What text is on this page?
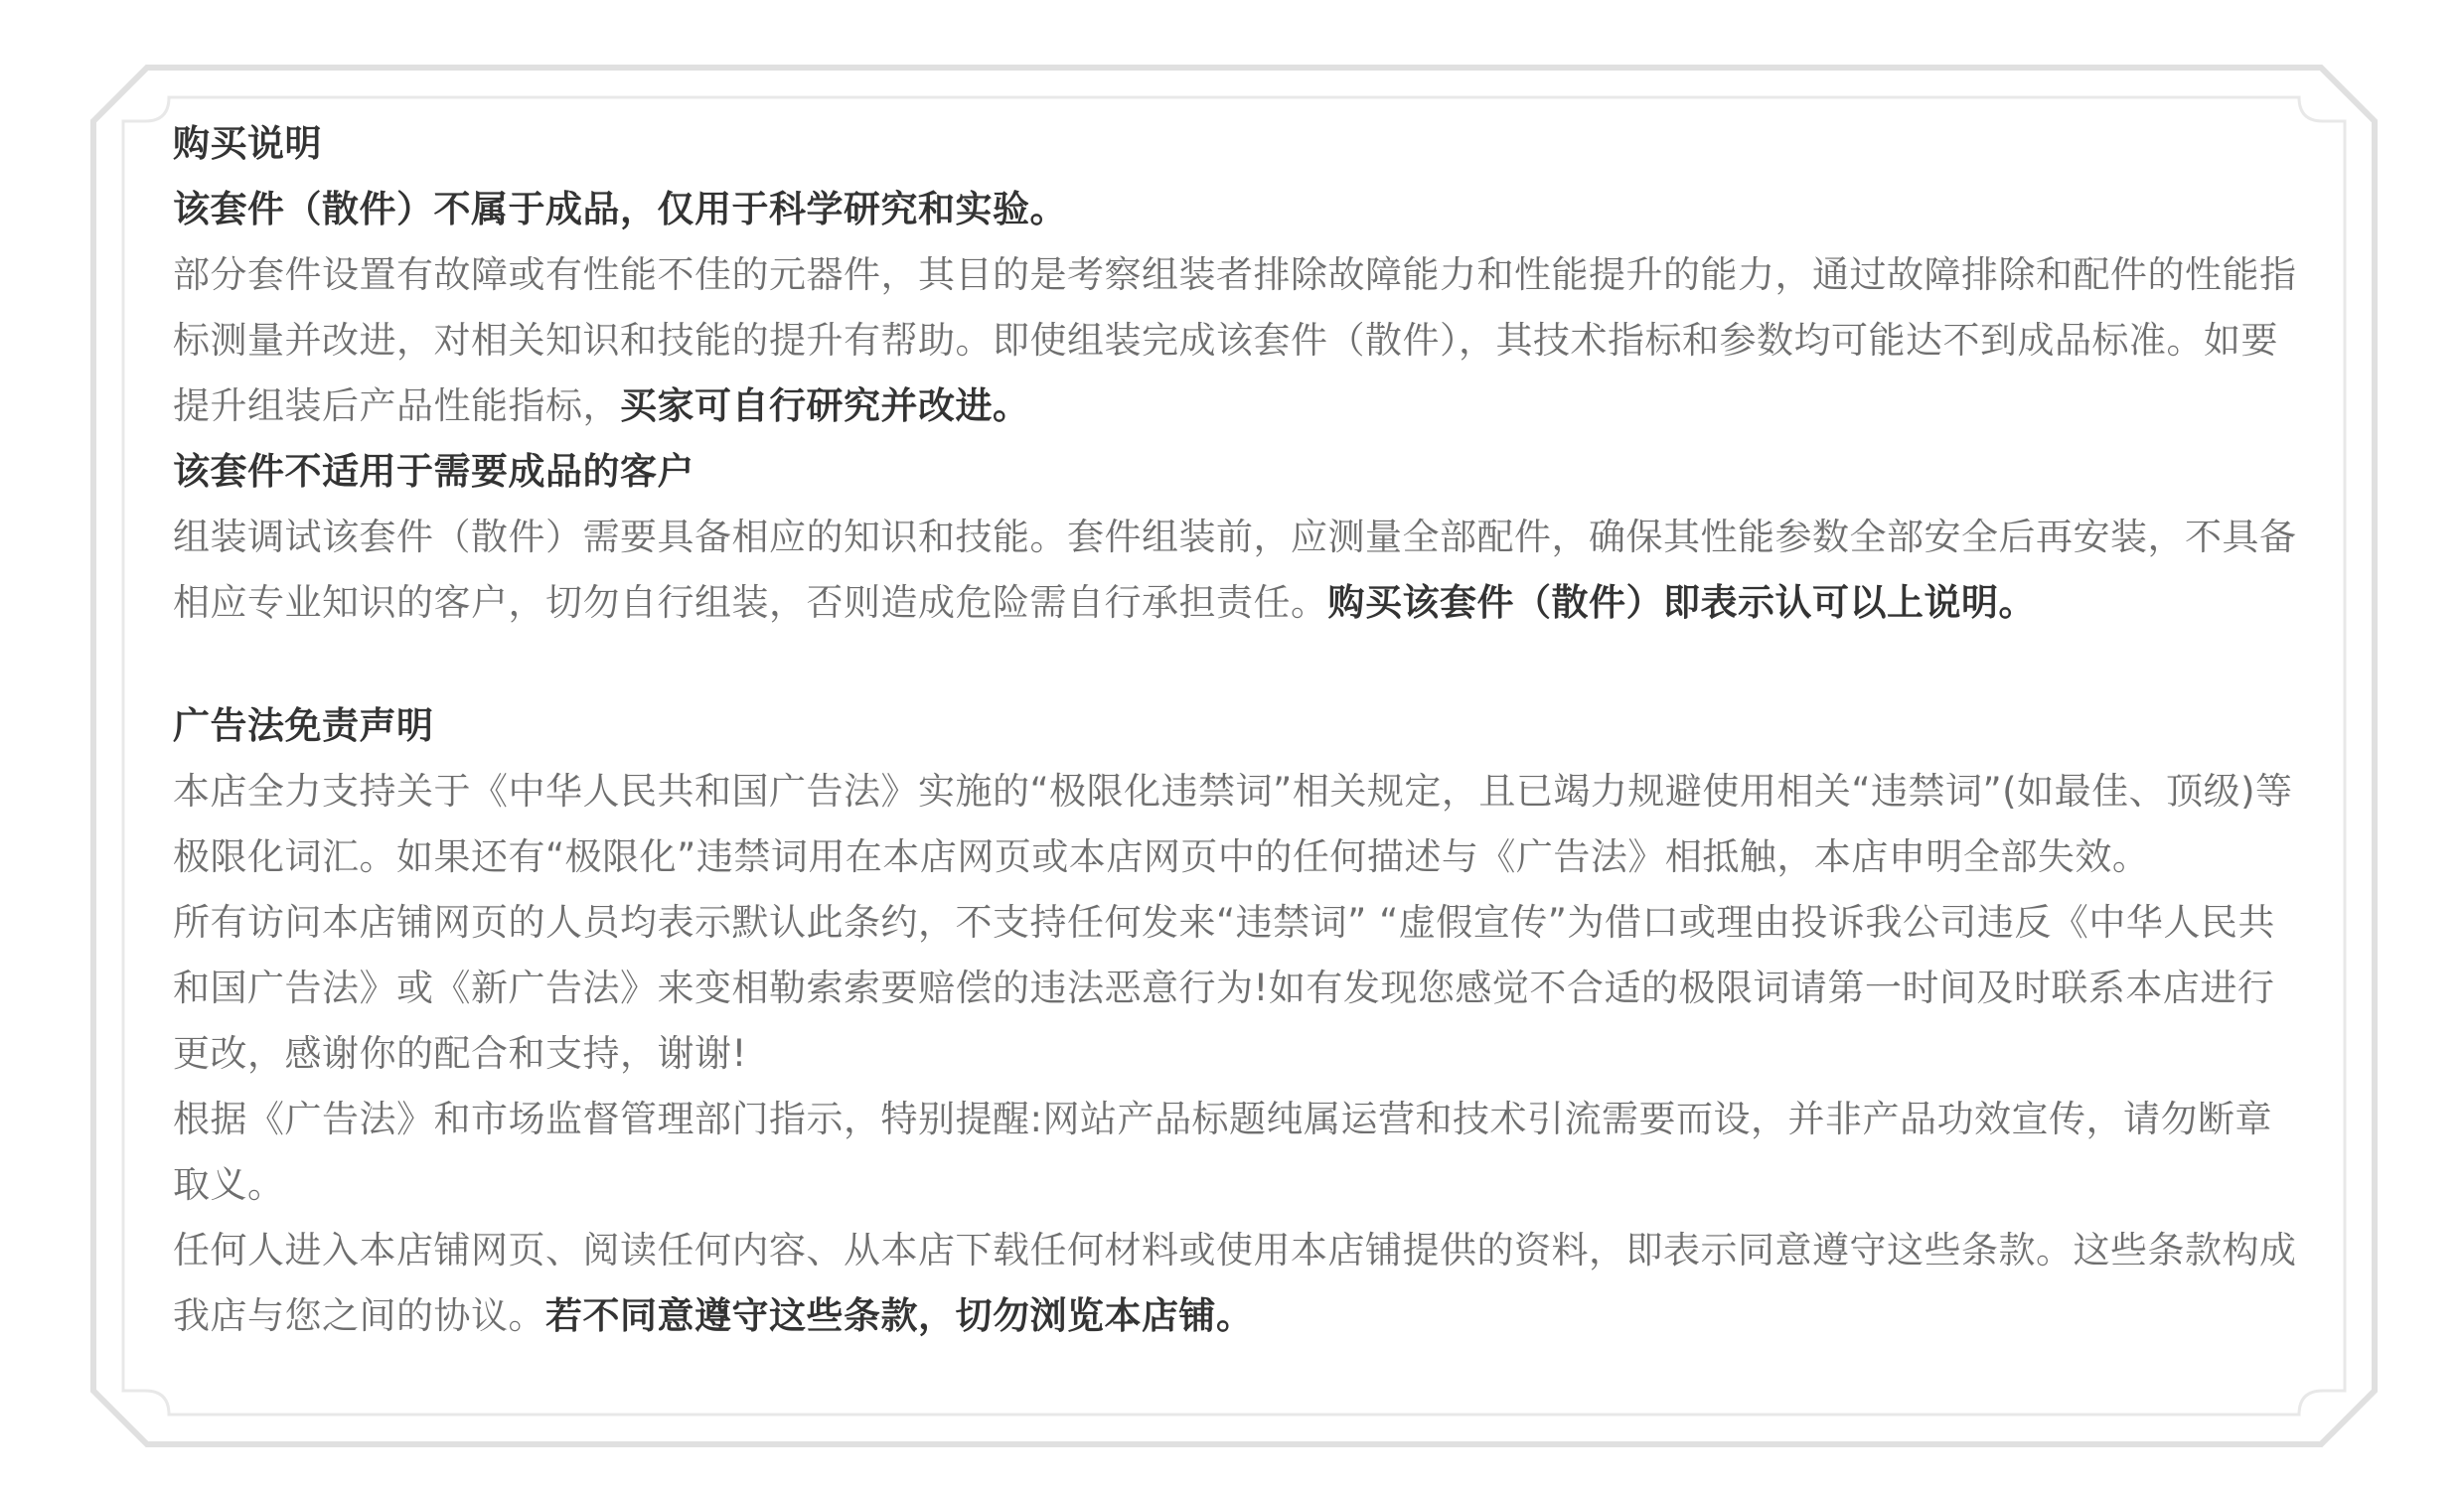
购买说明

该套件（散件）不属于成品，仅用于科学研究和实验。

部分套件设置有故障或有性能不佳的元器件，其目的是考察组装者排除故障能力和性能提升的能力，通过故障排除和配件的性能指标测量并改进，对相关知识和技能的提升有帮助。即使组装完成该套件（散件），其技术指标和参数均可能达不到成品标准。如要提升组装后产品性能指标，买家可自行研究并改进。

该套件不适用于需要成品的客户

组装调试该套件（散件）需要具备相应的知识和技能。套件组装前，应测量全部配件，确保其性能参数全部安全后再安装，不具备相应专业知识的客户，切勿自行组装，否则造成危险需自行承担责任。购买该套件（散件）即表示认可以上说明。

广告法免责声明

本店全力支持关于《中华人民共和国广告法》实施的“极限化违禁词”相关规定，且已竭力规避使用相关“违禁词”(如最佳、顶级)等极限化词汇。如果还有“极限化”违禁词用在本店网页或本店网页中的任何描述与《广告法》相抵触，本店申明全部失效。

所有访问本店铺网页的人员均表示默认此条约，不支持任何发来“违禁词” “虚假宣传”为借口或理由投诉我公司违反《中华人民共和国广告法》或《新广告法》来变相勒索索要赔偿的违法恶意行为!如有发现您感觉不合适的极限词请第一时间及时联系本店进行更改，感谢你的配合和支持，谢谢!

根据《广告法》和市场监督管理部门指示，特别提醒:网站产品标题纯属运营和技术引流需要而设，并非产品功效宣传，请勿断章取义。

任何人进入本店铺网页、阅读任何内容、从本店下载任何材料或使用本店铺提供的资料，即表示同意遵守这些条款。这些条款构成我店与您之间的协议。若不同意遵守这些条款，切勿浏览本店铺。
